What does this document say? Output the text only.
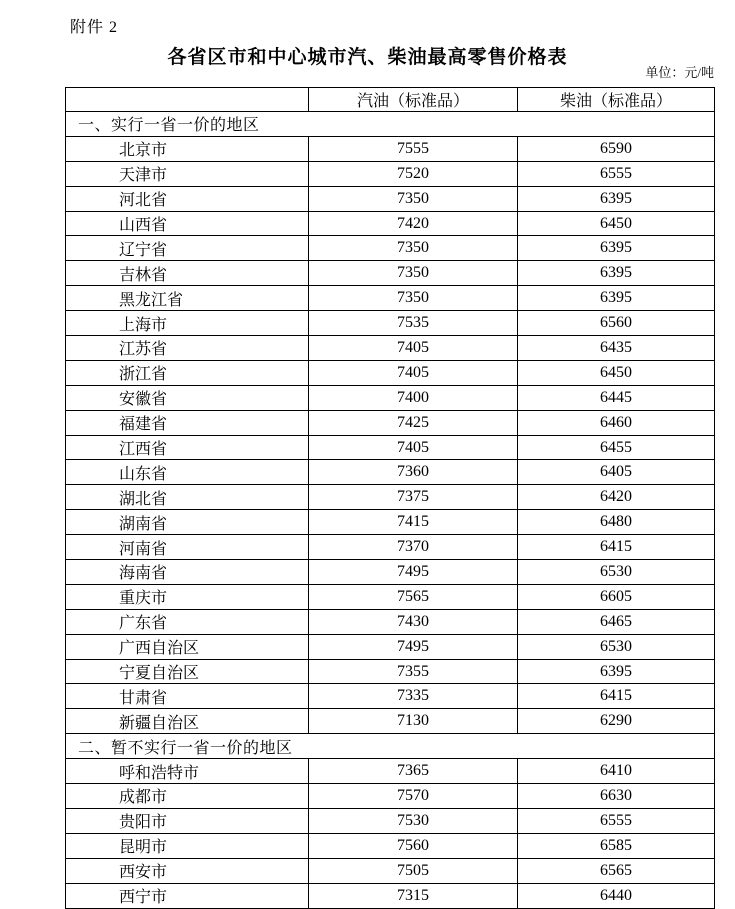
附件 2
各省区市和中心城市汽、柴油最高零售价格表
单位：元/吨
	汽油（标准品）	柴油（标准品）
一、实行一省一价的地区		
北京市	7555	6590
天津市	7520	6555
河北省	7350	6395
山西省	7420	6450
辽宁省	7350	6395
吉林省	7350	6395
黑龙江省	7350	6395
上海市	7535	6560
江苏省	7405	6435
浙江省	7405	6450
安徽省	7400	6445
福建省	7425	6460
江西省	7405	6455
山东省	7360	6405
湖北省	7375	6420
湖南省	7415	6480
河南省	7370	6415
海南省	7495	6530
重庆市	7565	6605
广东省	7430	6465
广西自治区	7495	6530
宁夏自治区	7355	6395
甘肃省	7335	6415
新疆自治区	7130	6290
二、暂不实行一省一价的地区		
呼和浩特市	7365	6410
成都市	7570	6630
贵阳市	7530	6555
昆明市	7560	6585
西安市	7505	6565
西宁市	7315	6440
